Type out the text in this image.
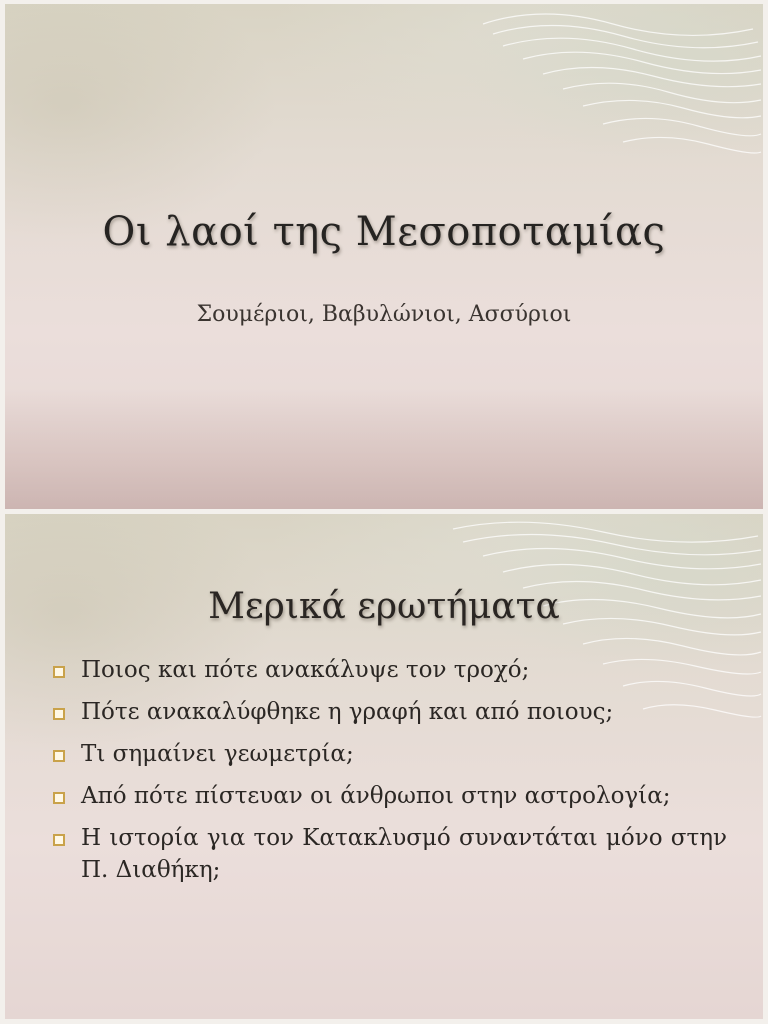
Οι λαοί της Μεσοποταμίας
Σουμέριοι, Βαβυλώνιοι, Ασσύριοι
Μερικά ερωτήματα
Ποιος και πότε ανακάλυψε τον τροχό;
Πότε ανακαλύφθηκε η γραφή και από ποιους;
Τι σημαίνει γεωμετρία;
Από πότε πίστευαν οι άνθρωποι στην αστρολογία;
Η ιστορία για τον Κατακλυσμό συναντάται μόνο στην Π. Διαθήκη;
